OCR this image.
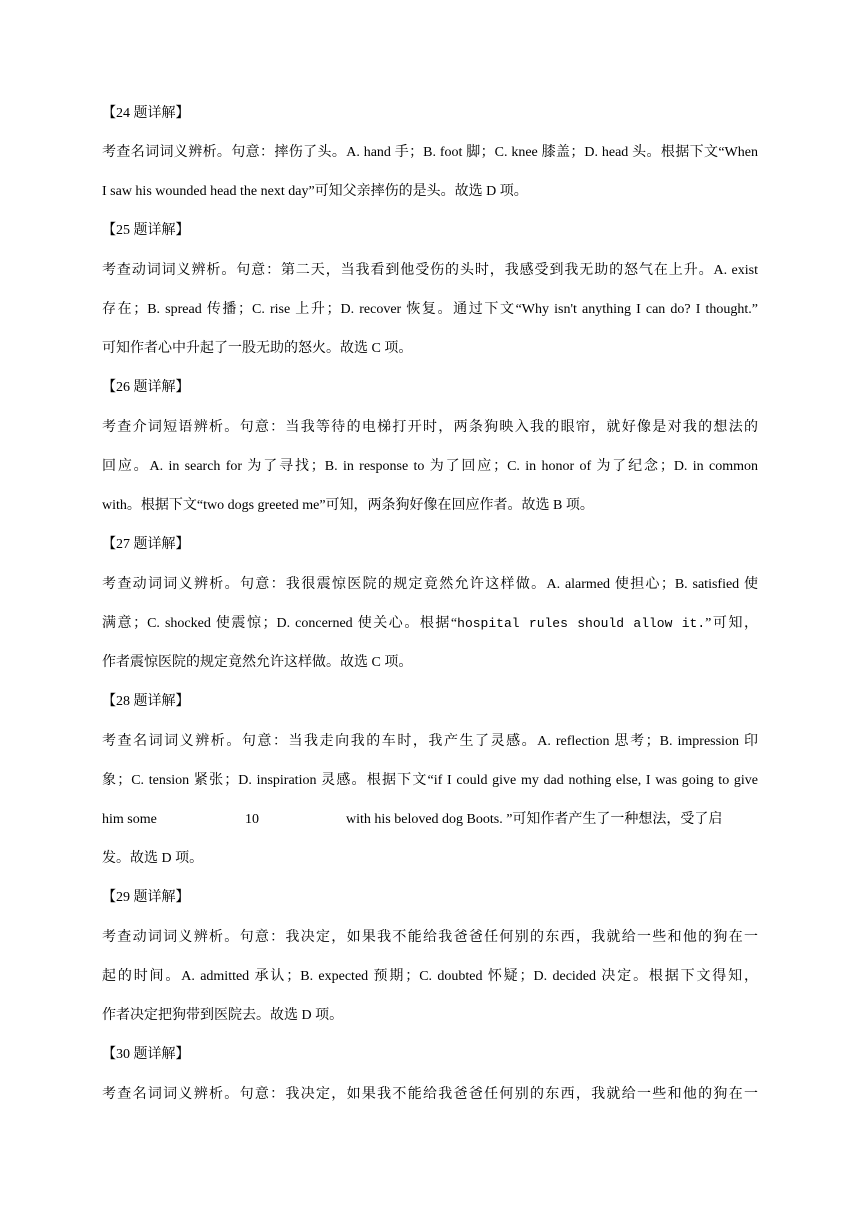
【24 题详解】
考查名词词义辨析。句意：摔伤了头。A. hand 手；B. foot 脚；C. knee 膝盖；D. head 头。根据下文“When
I saw his wounded head the next day”可知父亲摔伤的是头。故选 D 项。
【25 题详解】
考查动词词义辨析。句意：第二天，当我看到他受伤的头时，我感受到我无助的怒气在上升。A. exist
存在；B. spread 传播；C. rise 上升；D. recover 恢复。通过下文“Why isn't anything I can do? I thought.”
可知作者心中升起了一股无助的怒火。故选 C 项。
【26 题详解】
考查介词短语辨析。句意：当我等待的电梯打开时，两条狗映入我的眼帘，就好像是对我的想法的
回应。A. in search for 为了寻找；B. in response to 为了回应；C. in honor of 为了纪念；D. in common
with。根据下文“two dogs greeted me”可知，两条狗好像在回应作者。故选 B 项。
【27 题详解】
考查动词词义辨析。句意：我很震惊医院的规定竟然允许这样做。A. alarmed 使担心；B. satisfied 使
满意；C. shocked 使震惊；D. concerned 使关心。根据“hospital rules should allow it.”可知，
作者震惊医院的规定竟然允许这样做。故选 C 项。
【28 题详解】
考查名词词义辨析。句意：当我走向我的车时，我产生了灵感。A. reflection 思考；B. impression 印
象；C. tension 紧张；D. inspiration 灵感。根据下文“if I could give my dad nothing else, I was going to give
him some	10	with his beloved dog Boots. ”可知作者产生了一种想法，受了启
发。故选 D 项。
【29 题详解】
考查动词词义辨析。句意：我决定，如果我不能给我爸爸任何别的东西，我就给一些和他的狗在一
起的时间。A. admitted 承认；B. expected 预期；C. doubted 怀疑；D. decided 决定。根据下文得知，
作者决定把狗带到医院去。故选 D 项。
【30 题详解】
考查名词词义辨析。句意：我决定，如果我不能给我爸爸任何别的东西，我就给一些和他的狗在一
